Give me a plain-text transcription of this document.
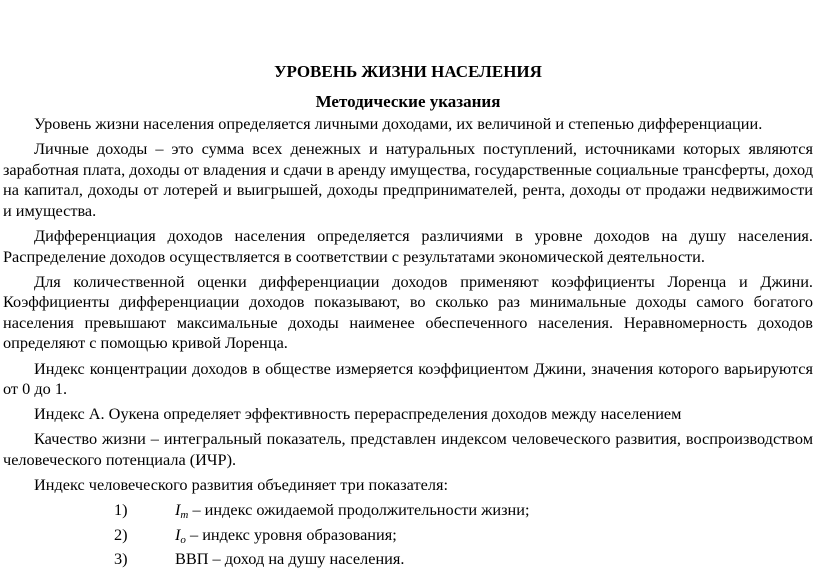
УРОВЕНЬ ЖИЗНИ НАСЕЛЕНИЯ
Методические указания

Уровень жизни населения определяется личными доходами, их величиной и степенью дифференциации.

Личные доходы – это сумма всех денежных и натуральных поступлений, источниками которых являются заработная плата, доходы от владения и сдачи в аренду имущества, государственные социальные трансферты, доход на капитал, доходы от лотерей и выигрышей, доходы предпринимателей, рента, доходы от продажи недвижимости и имущества.

Дифференциация доходов населения определяется различиями в уровне доходов на душу населения. Распределение доходов осуществляется в соответствии с результатами экономической деятельности.

Для количественной оценки дифференциации доходов применяют коэффициенты Лоренца и Джини. Коэффициенты дифференциации доходов показывают, во сколько раз минимальные доходы самого богатого населения превышают максимальные доходы наименее обеспеченного населения. Неравномерность доходов определяют с помощью кривой Лоренца.

Индекс концентрации доходов в обществе измеряется коэффициентом Джини, значения которого варьируются от 0 до 1.

Индекс А. Оукена определяет эффективность перераспределения доходов между населением

Качество жизни – интегральный показатель, представлен индексом человеческого развития, воспроизводством человеческого потенциала (ИЧР).

Индекс человеческого развития объединяет три показателя:

1)	$I_m$ – индекс ожидаемой продолжительности жизни;
2)	$I_o$ – индекс уровня образования;
3)	ВВП – доход на душу населения.
